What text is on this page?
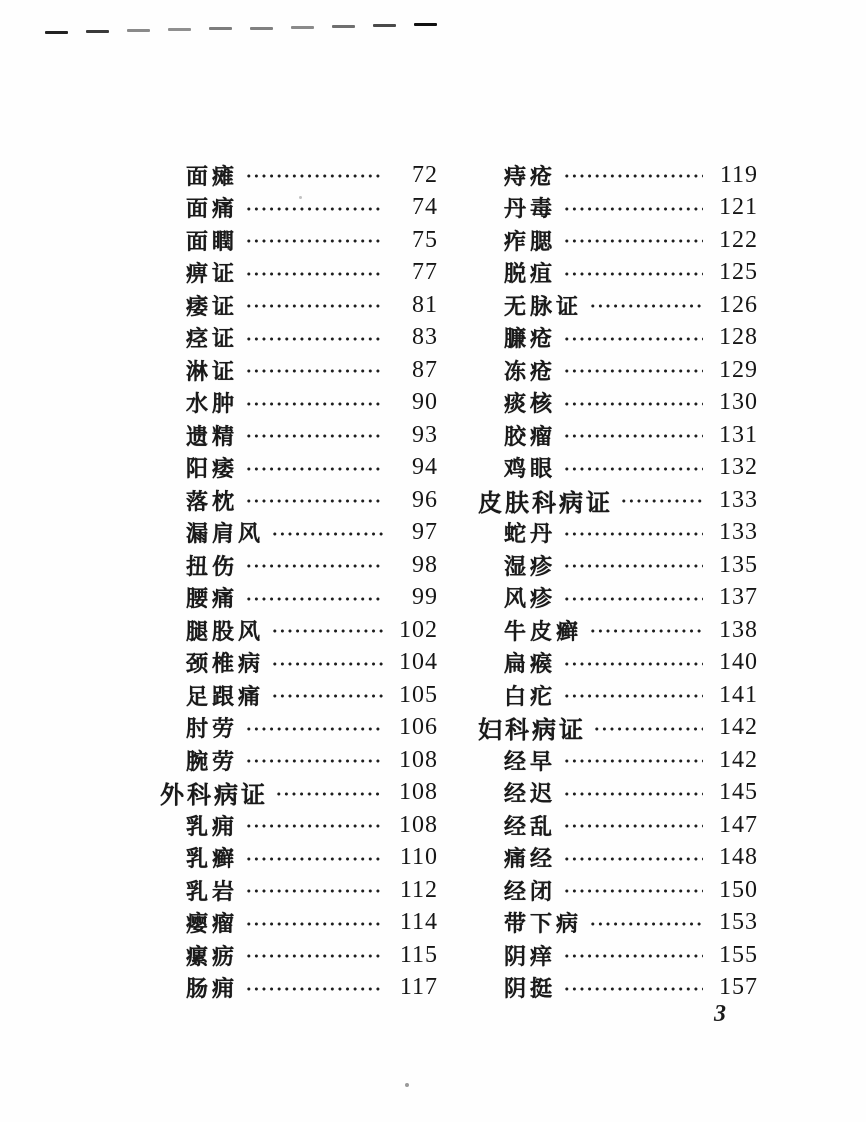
面瘫	72
面痛	74
面瞤	75
痹证	77
痿证	81
痉证	83
淋证	87
水肿	90
遗精	93
阳痿	94
落枕	96
漏肩风	97
扭伤	98
腰痛	99
腿股风	102
颈椎病	104
足跟痛	105
肘劳	106
腕劳	108
外科病证	108
乳痈	108
乳癣	110
乳岩	112
瘿瘤	114
瘰疬	115
肠痈	117
痔疮	119
丹毒	121
痄腮	122
脱疽	125
无脉证	126
臁疮	128
冻疮	129
痰核	130
胶瘤	131
鸡眼	132
皮肤科病证	133
蛇丹	133
湿疹	135
风疹	137
牛皮癣	138
扁瘊	140
白疕	141
妇科病证	142
经早	142
经迟	145
经乱	147
痛经	148
经闭	150
带下病	153
阴痒	155
阴挺	157
3
